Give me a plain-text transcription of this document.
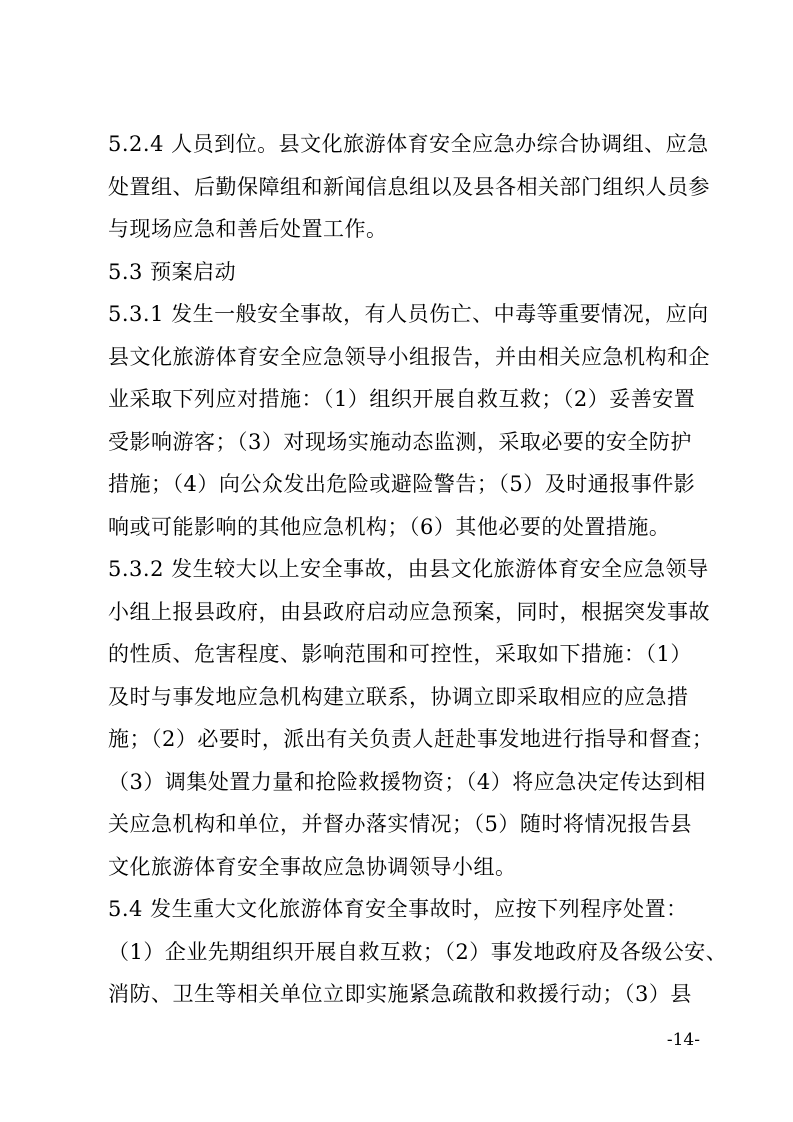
5.2.4 人员到位。县文化旅游体育安全应急办综合协调组、应急
处置组、后勤保障组和新闻信息组以及县各相关部门组织人员参
与现场应急和善后处置工作。
5.3 预案启动
5.3.1 发生一般安全事故，有人员伤亡、中毒等重要情况，应向
县文化旅游体育安全应急领导小组报告，并由相关应急机构和企
业采取下列应对措施：（1）组织开展自救互救；（2）妥善安置
受影响游客；（3）对现场实施动态监测，采取必要的安全防护
措施；（4）向公众发出危险或避险警告；（5）及时通报事件影
响或可能影响的其他应急机构；（6）其他必要的处置措施。
5.3.2 发生较大以上安全事故，由县文化旅游体育安全应急领导
小组上报县政府，由县政府启动应急预案，同时，根据突发事故
的性质、危害程度、影响范围和可控性，采取如下措施：（1）
及时与事发地应急机构建立联系，协调立即采取相应的应急措
施；（2）必要时，派出有关负责人赶赴事发地进行指导和督查；
（3）调集处置力量和抢险救援物资；（4）将应急决定传达到相
关应急机构和单位，并督办落实情况；（5）随时将情况报告县
文化旅游体育安全事故应急协调领导小组。
5.4 发生重大文化旅游体育安全事故时，应按下列程序处置：
（1）企业先期组织开展自救互救；（2）事发地政府及各级公安、
消防、卫生等相关单位立即实施紧急疏散和救援行动；（3）县
-14-
